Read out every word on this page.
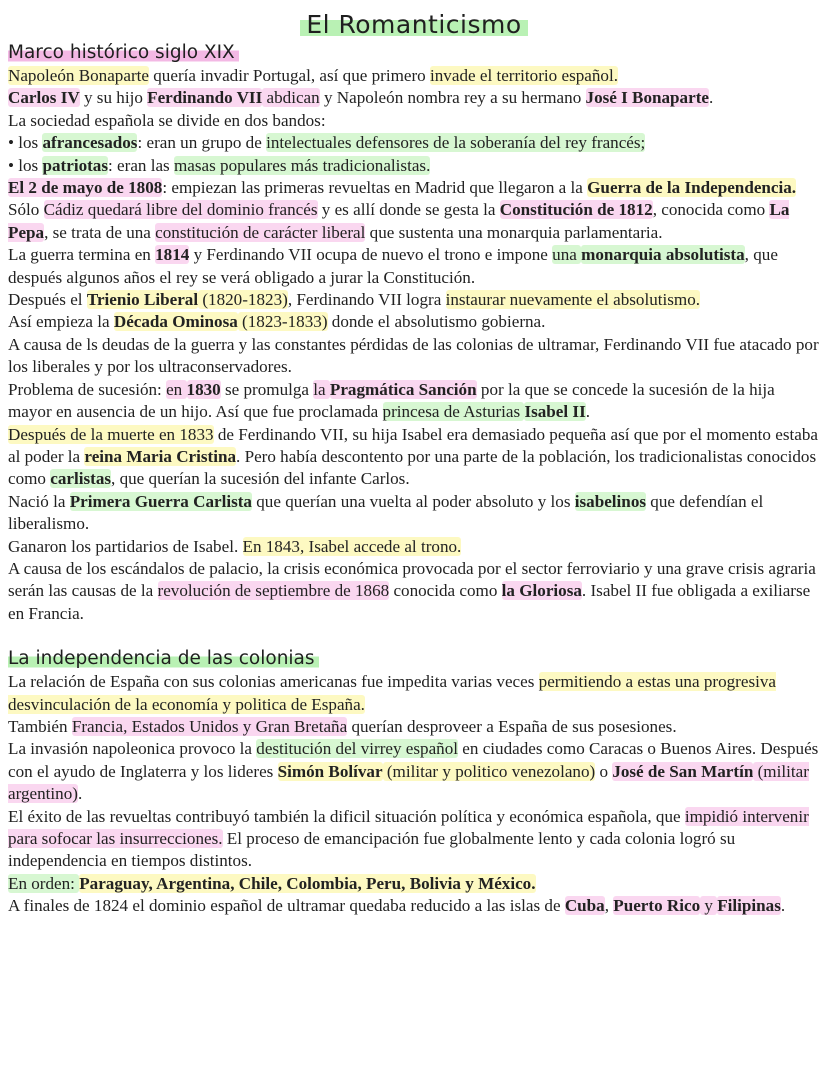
El Romanticismo
Marco histórico siglo XIX

Napoleón Bonaparte quería invadir Portugal, así que primero invade el territorio español.

Carlos IV y su hijo Ferdinando VII abdican y Napoleón nombra rey a su hermano José I Bonaparte.

La sociedad española se divide en dos bandos:

• los afrancesados: eran un grupo de intelectuales defensores de la soberanía del rey francés;

• los patriotas: eran las masas populares más tradicionalistas.

El 2 de mayo de 1808: empiezan las primeras revueltas en Madrid que llegaron a la Guerra de la Independencia.

Sólo Cádiz quedará libre del dominio francés y es allí donde se gesta la Constitución de 1812, conocida como La Pepa, se trata de una constitución de carácter liberal que sustenta una monarquia parlamentaria.

La guerra termina en 1814 y Ferdinando VII ocupa de nuevo el trono e impone una monarquia absolutista, que después algunos años el rey se verá obligado a jurar la Constitución.

Después el Trienio Liberal (1820-1823), Ferdinando VII logra instaurar nuevamente el absolutismo.

Así empieza la Década Ominosa (1823-1833) donde el absolutismo gobierna.

A causa de ls deudas de la guerra y las constantes pérdidas de las colonias de ultramar, Ferdinando VII fue atacado por los liberales y por los ultraconservadores.

Problema de sucesión: en 1830 se promulga la Pragmática Sanción por la que se concede la sucesión de la hija mayor en ausencia de un hijo. Así que fue proclamada princesa de Asturias Isabel II.

Después de la muerte en 1833 de Ferdinando VII, su hija Isabel era demasiado pequeña así que por el momento estaba al poder la reina Maria Cristina. Pero había descontento por una parte de la población, los tradicionalistas conocidos como carlistas, que querían la sucesión del infante Carlos.

Nació la Primera Guerra Carlista que querían una vuelta al poder absoluto y los isabelinos que defendían el liberalismo.

Ganaron los partidarios de Isabel. En 1843, Isabel accede al trono.

A causa de los escándalos de palacio, la crisis económica provocada por el sector ferroviario y una grave crisis agraria serán las causas de la revolución de septiembre de 1868 conocida como la Gloriosa. Isabel II fue obligada a exiliarse en Francia.

La independencia de las colonias

La relación de España con sus colonias americanas fue impedita varias veces permitiendo a estas una progresiva desvinculación de la economía y politica de España.

También Francia, Estados Unidos y Gran Bretaña querían desproveer a España de sus posesiones.

La invasión napoleonica provoco la destitución del virrey español en ciudades como Caracas o Buenos Aires. Después con el ayudo de Inglaterra y los lideres Simón Bolívar (militar y politico venezolano) o José de San Martín (militar argentino).

El éxito de las revueltas contribuyó también la dificil situación política y económica española, que impidió intervenir para sofocar las insurrecciones. El proceso de emancipación fue globalmente lento y cada colonia logró su independencia en tiempos distintos.

En orden: Paraguay, Argentina, Chile, Colombia, Peru, Bolivia y México.

A finales de 1824 el dominio español de ultramar quedaba reducido a las islas de Cuba, Puerto Rico y Filipinas.
